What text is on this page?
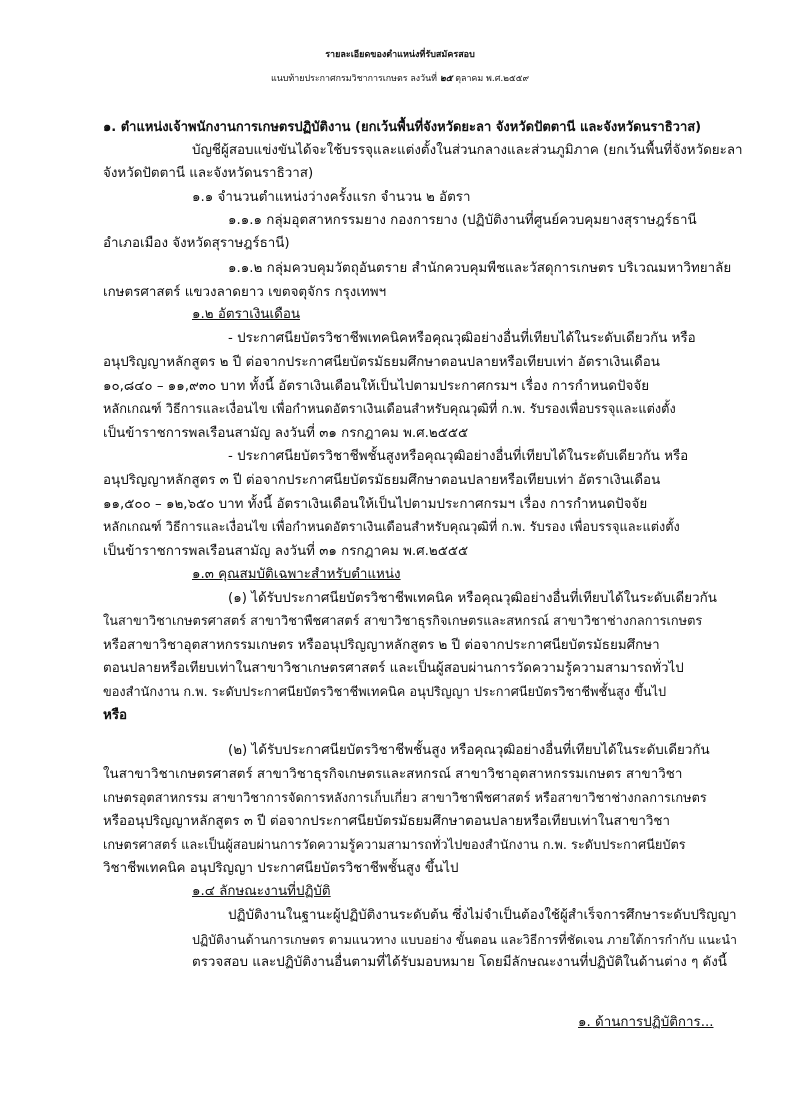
รายละเอียดของตำแหน่งที่รับสมัครสอบ
แนบท้ายประกาศกรมวิชาการเกษตร ลงวันที่ ๒๕ ตุลาคม พ.ศ.๒๕๕๙
๑. ตำแหน่งเจ้าพนักงานการเกษตรปฏิบัติงาน (ยกเว้นพื้นที่จังหวัดยะลา จังหวัดปัตตานี และจังหวัดนราธิวาส)
บัญชีผู้สอบแข่งขันได้จะใช้บรรจุและแต่งตั้งในส่วนกลางและส่วนภูมิภาค (ยกเว้นพื้นที่จังหวัดยะลา
จังหวัดปัตตานี และจังหวัดนราธิวาส)
๑.๑ จำนวนตำแหน่งว่างครั้งแรก จำนวน ๒ อัตรา
๑.๑.๑ กลุ่มอุตสาหกรรมยาง กองการยาง (ปฏิบัติงานที่ศูนย์ควบคุมยางสุราษฎร์ธานี
อำเภอเมือง จังหวัดสุราษฎร์ธานี)
๑.๑.๒ กลุ่มควบคุมวัตถุอันตราย สำนักควบคุมพืชและวัสดุการเกษตร บริเวณมหาวิทยาลัย
เกษตรศาสตร์ แขวงลาดยาว เขตจตุจักร กรุงเทพฯ
๑.๒ อัตราเงินเดือน
- ประกาศนียบัตรวิชาชีพเทคนิคหรือคุณวุฒิอย่างอื่นที่เทียบได้ในระดับเดียวกัน หรือ
อนุปริญญาหลักสูตร ๒ ปี ต่อจากประกาศนียบัตรมัธยมศึกษาตอนปลายหรือเทียบเท่า อัตราเงินเดือน
๑๐,๘๔๐ – ๑๑,๙๓๐ บาท ทั้งนี้ อัตราเงินเดือนให้เป็นไปตามประกาศกรมฯ เรื่อง การกำหนดปัจจัย
หลักเกณฑ์ วิธีการและเงื่อนไข เพื่อกำหนดอัตราเงินเดือนสำหรับคุณวุฒิที่ ก.พ. รับรองเพื่อบรรจุและแต่งตั้ง
เป็นข้าราชการพลเรือนสามัญ ลงวันที่ ๓๑ กรกฎาคม พ.ศ.๒๕๕๕
- ประกาศนียบัตรวิชาชีพชั้นสูงหรือคุณวุฒิอย่างอื่นที่เทียบได้ในระดับเดียวกัน หรือ
อนุปริญญาหลักสูตร ๓ ปี ต่อจากประกาศนียบัตรมัธยมศึกษาตอนปลายหรือเทียบเท่า อัตราเงินเดือน
๑๑,๕๐๐ – ๑๒,๖๕๐ บาท ทั้งนี้ อัตราเงินเดือนให้เป็นไปตามประกาศกรมฯ เรื่อง การกำหนดปัจจัย
หลักเกณฑ์ วิธีการและเงื่อนไข เพื่อกำหนดอัตราเงินเดือนสำหรับคุณวุฒิที่ ก.พ. รับรอง เพื่อบรรจุและแต่งตั้ง
เป็นข้าราชการพลเรือนสามัญ ลงวันที่ ๓๑ กรกฎาคม พ.ศ.๒๕๕๕
๑.๓ คุณสมบัติเฉพาะสำหรับตำแหน่ง
(๑) ได้รับประกาศนียบัตรวิชาชีพเทคนิค หรือคุณวุฒิอย่างอื่นที่เทียบได้ในระดับเดียวกัน
ในสาขาวิชาเกษตรศาสตร์ สาขาวิชาพืชศาสตร์ สาขาวิชาธุรกิจเกษตรและสหกรณ์ สาขาวิชาช่างกลการเกษตร
หรือสาขาวิชาอุตสาหกรรมเกษตร หรืออนุปริญญาหลักสูตร ๒ ปี ต่อจากประกาศนียบัตรมัธยมศึกษา
ตอนปลายหรือเทียบเท่าในสาขาวิชาเกษตรศาสตร์ และเป็นผู้สอบผ่านการวัดความรู้ความสามารถทั่วไป
ของสำนักงาน ก.พ. ระดับประกาศนียบัตรวิชาชีพเทคนิค อนุปริญญา ประกาศนียบัตรวิชาชีพชั้นสูง ขึ้นไป
หรือ
(๒) ได้รับประกาศนียบัตรวิชาชีพชั้นสูง หรือคุณวุฒิอย่างอื่นที่เทียบได้ในระดับเดียวกัน
ในสาขาวิชาเกษตรศาสตร์ สาขาวิชาธุรกิจเกษตรและสหกรณ์ สาขาวิชาอุตสาหกรรมเกษตร สาขาวิชา
เกษตรอุตสาหกรรม สาขาวิชาการจัดการหลังการเก็บเกี่ยว สาขาวิชาพืชศาสตร์ หรือสาขาวิชาช่างกลการเกษตร
หรืออนุปริญญาหลักสูตร ๓ ปี ต่อจากประกาศนียบัตรมัธยมศึกษาตอนปลายหรือเทียบเท่าในสาขาวิชา
เกษตรศาสตร์ และเป็นผู้สอบผ่านการวัดความรู้ความสามารถทั่วไปของสำนักงาน ก.พ. ระดับประกาศนียบัตร
วิชาชีพเทคนิค อนุปริญญา ประกาศนียบัตรวิชาชีพชั้นสูง ขึ้นไป
๑.๔ ลักษณะงานที่ปฏิบัติ
ปฏิบัติงานในฐานะผู้ปฏิบัติงานระดับต้น ซึ่งไม่จำเป็นต้องใช้ผู้สำเร็จการศึกษาระดับปริญญา
ปฏิบัติงานด้านการเกษตร ตามแนวทาง แบบอย่าง ขั้นตอน และวิธีการที่ชัดเจน ภายใต้การกำกับ แนะนำ
ตรวจสอบ และปฏิบัติงานอื่นตามที่ได้รับมอบหมาย โดยมีลักษณะงานที่ปฏิบัติในด้านต่าง ๆ ดังนี้
๑. ด้านการปฏิบัติการ...
